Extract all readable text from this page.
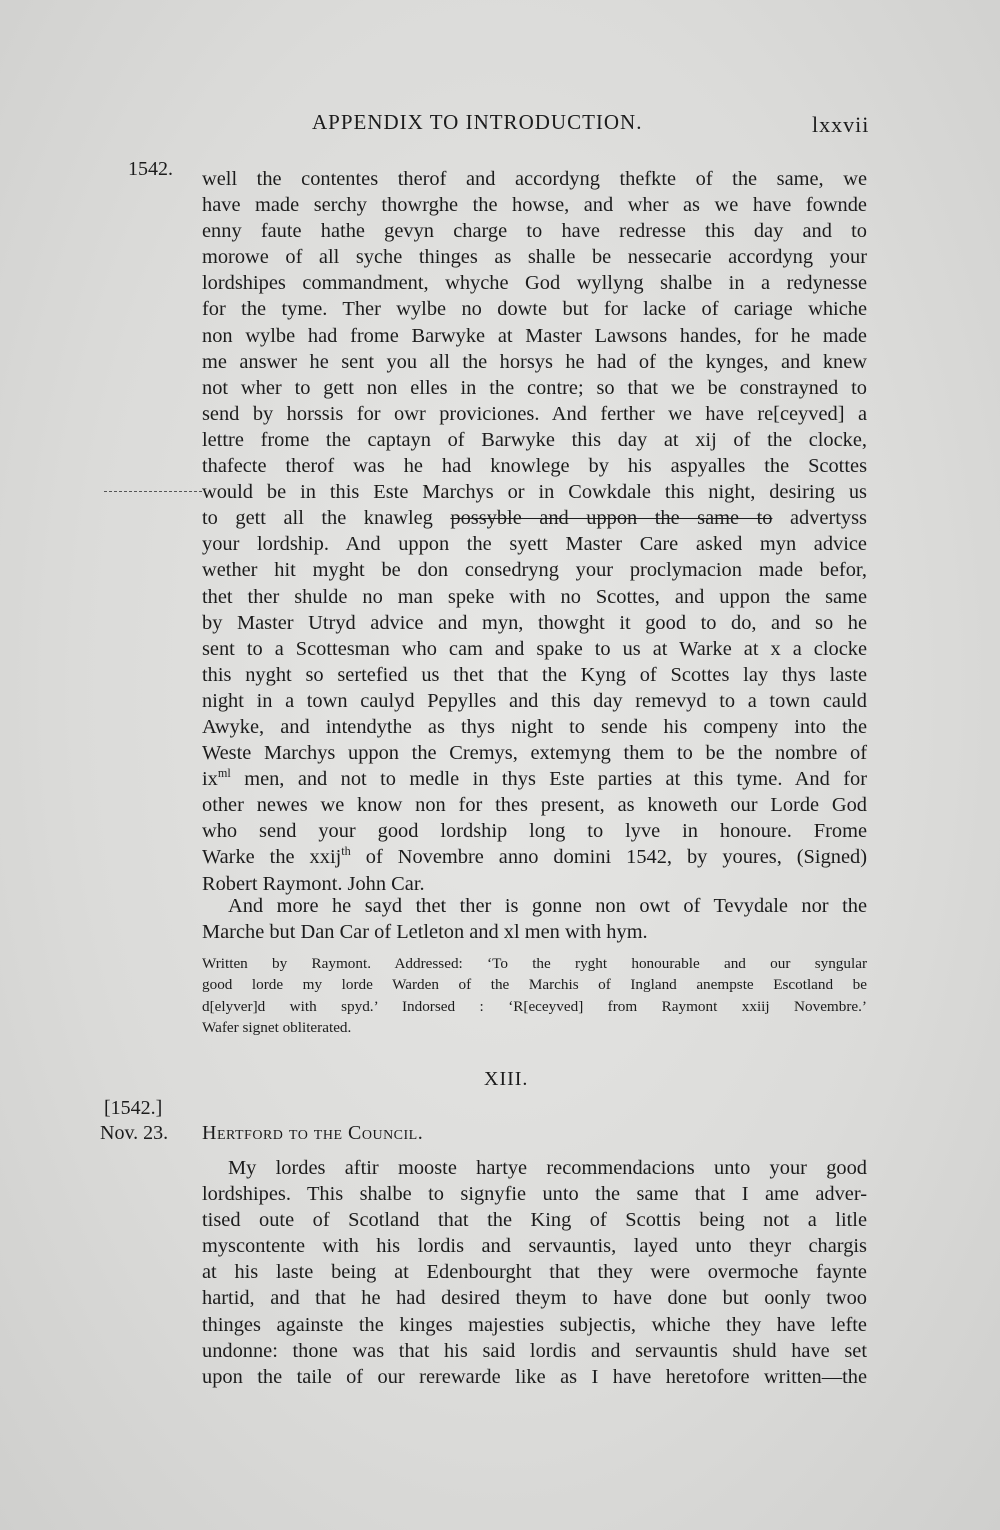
APPENDIX TO INTRODUCTION.	lxxvii
1542. well the contentes therof and accordyng thefkte of the same, we
have made serchy thowrghe the howse, and wher as we have fownde
enny faute hathe gevyn charge to have redresse this day and to
morowe of all syche thinges as shalle be nessecarie accordyng your
lordshipes commandment, whyche God wyllyng shalbe in a redynesse
for the tyme. Ther wylbe no dowte but for lacke of cariage whiche
non wylbe had frome Barwyke at Master Lawsons handes, for he made
me answer he sent you all the horsys he had of the kynges, and knew
not wher to gett non elles in the contre; so that we be constrayned to
send by horssis for owr proviciones. And ferther we have re[ceyved] a
lettre frome the captayn of Barwyke this day at xij of the clocke,
thafecte therof was he had knowlege by his aspyalles the Scottes
would be in this Este Marchys or in Cowkdale this night, desiring us
to gett all the knawleg possyble and uppon the same to advertyss
your lordship. And uppon the syett Master Care asked myn advice
wether hit myght be don consedryng your proclymacion made befor,
thet ther shulde no man speke with no Scottes, and uppon the same
by Master Utryd advice and myn, thowght it good to do, and so he
sent to a Scottesman who cam and spake to us at Warke at x a clocke
this nyght so sertefied us thet that the Kyng of Scottes lay thys laste
night in a town caulyd Pepylles and this day remevyd to a town cauld
Awyke, and intendythe as thys night to sende his compeny into the
Weste Marchys uppon the Cremys, extemyng them to be the nombre of
$ix^{ml}$ men, and not to medle in thys Este parties at this tyme. And for
other newes we know non for thes present, as knoweth our Lorde God
who send your good lordship long to lyve in honoure. Frome
Warke the xxij$^{th}$ of Novembre anno domini 1542, by youres, (Signed)
Robert Raymont. John Car.
And more he sayd thet ther is gonne non owt of Tevydale nor the
Marche but Dan Car of Letleton and xl men with hym.
Written by Raymont. Addressed: ‘To the ryght honourable and our syngular
good lorde my lorde Warden of the Marchis of Ingland anempste Escotland be
d[elyver]d with spyd.’ Indorsed : ‘R[eceyved] from Raymont xxiij Novembre.’
Wafer signet obliterated.
XIII.
[1542.]
Nov. 23. Hertford to the Council.
My lordes aftir mooste hartye recommendacions unto your good
lordshipes. This shalbe to signyfie unto the same that I ame adver-
tised oute of Scotland that the King of Scottis being not a litle
myscontente with his lordis and servauntis, layed unto theyr chargis
at his laste being at Edenbourght that they were overmoche faynte
hartid, and that he had desired theym to have done but oonly twoo
thinges againste the kinges majesties subjectis, whiche they have lefte
undonne: thone was that his said lordis and servauntis shuld have set
upon the taile of our rerewarde like as I have heretofore written—the
